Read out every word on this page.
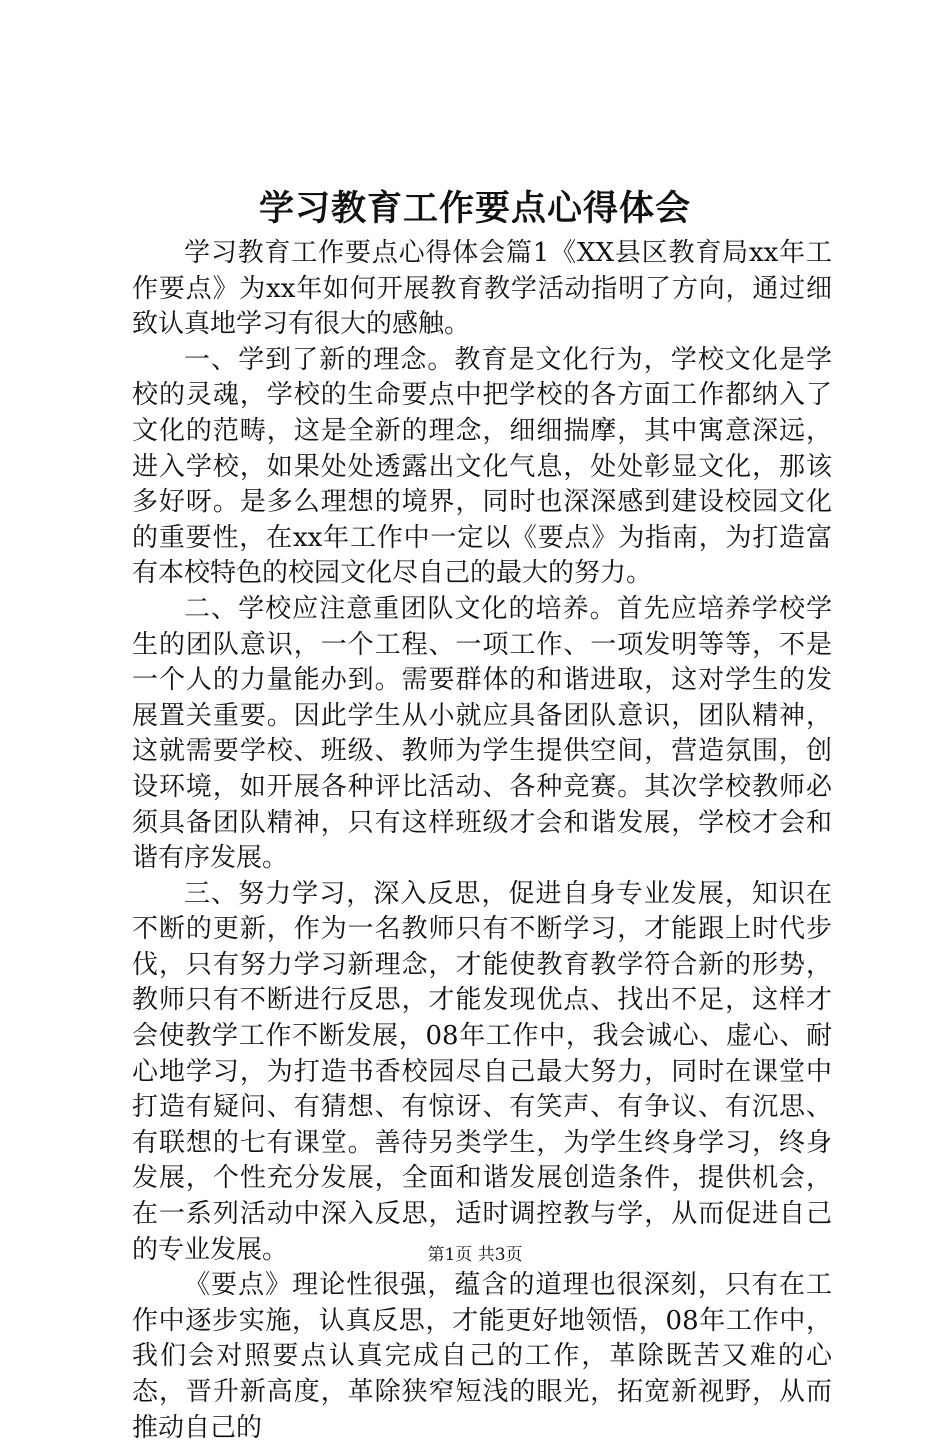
学习教育工作要点心得体会

学习教育工作要点心得体会篇1《XX县区教育局xx年工作要点》为xx年如何开展教育教学活动指明了方向，通过细致认真地学习有很大的感触。

一、学到了新的理念。教育是文化行为，学校文化是学校的灵魂，学校的生命要点中把学校的各方面工作都纳入了文化的范畴，这是全新的理念，细细揣摩，其中寓意深远，进入学校，如果处处透露出文化气息，处处彰显文化，那该多好呀。是多么理想的境界，同时也深深感到建设校园文化的重要性，在xx年工作中一定以《要点》为指南，为打造富有本校特色的校园文化尽自己的最大的努力。

二、学校应注意重团队文化的培养。首先应培养学校学生的团队意识，一个工程、一项工作、一项发明等等，不是一个人的力量能办到。需要群体的和谐进取，这对学生的发展置关重要。因此学生从小就应具备团队意识，团队精神，这就需要学校、班级、教师为学生提供空间，营造氛围，创设环境，如开展各种评比活动、各种竞赛。其次学校教师必须具备团队精神，只有这样班级才会和谐发展，学校才会和谐有序发展。

三、努力学习，深入反思，促进自身专业发展，知识在不断的更新，作为一名教师只有不断学习，才能跟上时代步伐，只有努力学习新理念，才能使教育教学符合新的形势，教师只有不断进行反思，才能发现优点、找出不足，这样才会使教学工作不断发展，08年工作中，我会诚心、虚心、耐心地学习，为打造书香校园尽自己最大努力，同时在课堂中打造有疑问、有猜想、有惊讶、有笑声、有争议、有沉思、有联想的七有课堂。善待另类学生，为学生终身学习，终身发展，个性充分发展，全面和谐发展创造条件，提供机会，在一系列活动中深入反思，适时调控教与学，从而促进自己的专业发展。

《要点》理论性很强，蕴含的道理也很深刻，只有在工作中逐步实施，认真反思，才能更好地领悟，08年工作中，我们会对照要点认真完成自己的工作，革除既苦又难的心态，晋升新高度，革除狭窄短浅的眼光，拓宽新视野，从而推动自己的

第1页 共3页
